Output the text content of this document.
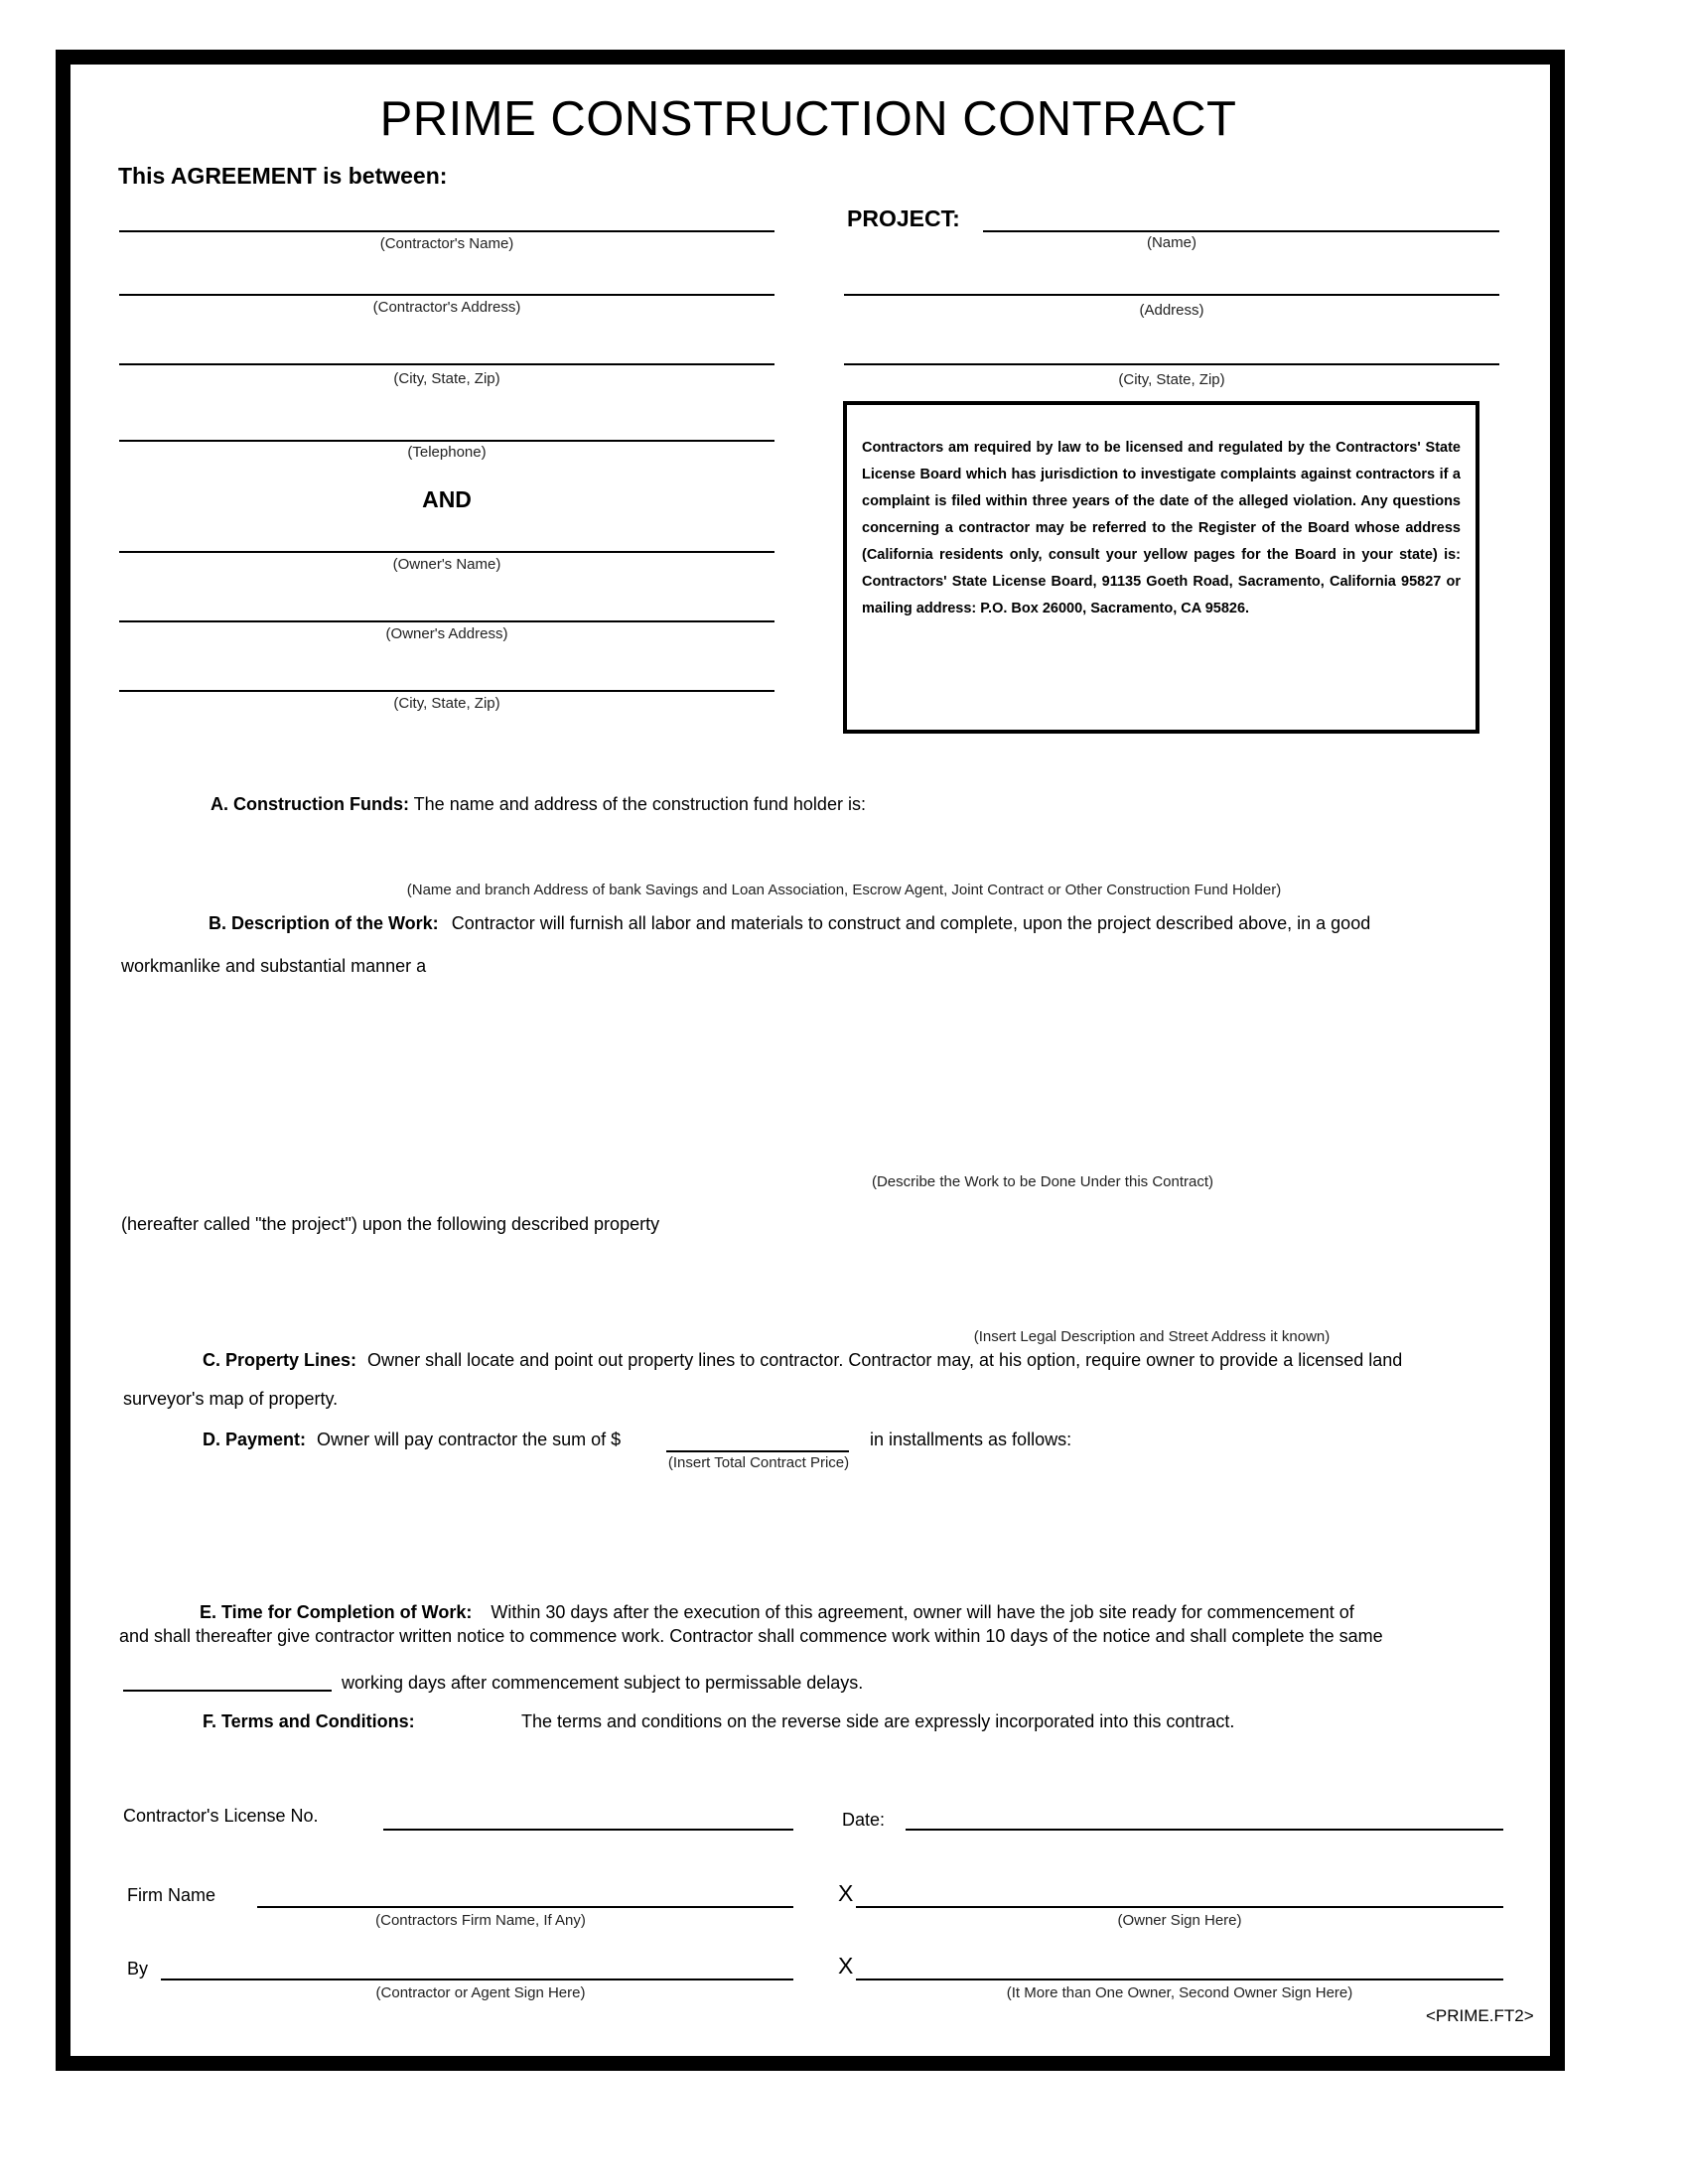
PRIME CONSTRUCTION CONTRACT
This AGREEMENT is between:
(Contractor's Name)
(Contractor's Address)
(City, State, Zip)
(Telephone)
AND
(Owner's Name)
(Owner's Address)
(City, State, Zip)
PROJECT:
(Name)
(Address)
(City, State, Zip)
Contractors am required by law to be licensed and regulated by the Contractors' State License Board which has jurisdiction to investigate complaints against contractors if a complaint is filed within three years of the date of the alleged violation. Any questions concerning a contractor may be referred to the Register of the Board whose address (California residents only, consult your yellow pages for the Board in your state) is: Contractors' State License Board, 91135 Goeth Road, Sacramento, California 95827 or mailing address: P.O. Box 26000, Sacramento, CA 95826.
A. Construction Funds: The name and address of the construction fund holder is:
(Name and branch Address of bank Savings and Loan Association, Escrow Agent, Joint Contract or Other Construction Fund Holder)
B. Description of the Work: Contractor will furnish all labor and materials to construct and complete, upon the project described above, in a good
workmanlike and substantial manner a
(Describe the Work to be Done Under this Contract)
(hereafter called "the project") upon the following described property
(Insert Legal Description and Street Address it known)
C. Property Lines: Owner shall locate and point out property lines to contractor. Contractor may, at his option, require owner to provide a licensed land
surveyor's map of property.
D. Payment: Owner will pay contractor the sum of $
(Insert Total Contract Price)
in installments as follows:
E. Time for Completion of Work: Within 30 days after the execution of this agreement, owner will have the job site ready for commencement of
and shall thereafter give contractor written notice to commence work. Contractor shall commence work within 10 days of the notice and shall complete the same
working days after commencement subject to permissable delays.
F. Terms and Conditions:	The terms and conditions on the reverse side are expressly incorporated into this contract.
Contractor's License No.	Date:
Firm Name
(Contractors Firm Name, If Any)
X
(Owner Sign Here)
By
(Contractor or Agent Sign Here)
X
(It More than One Owner, Second Owner Sign Here)
<PRIME.FT2>
